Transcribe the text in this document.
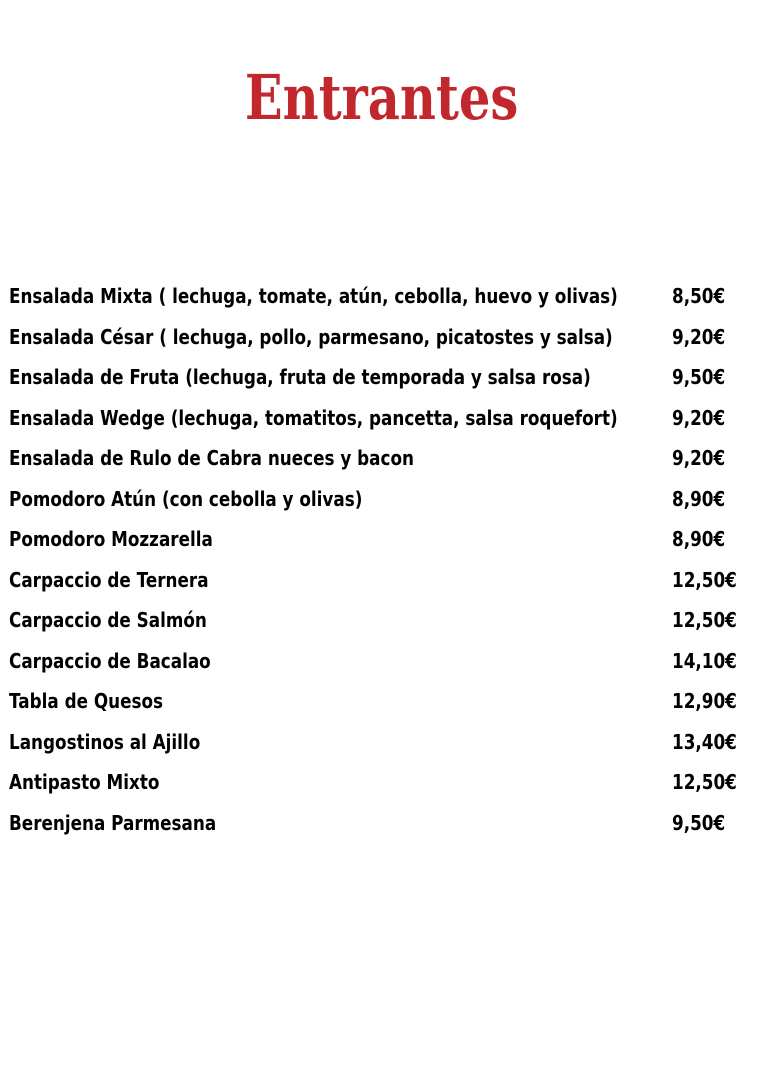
Entrantes
Ensalada Mixta ( lechuga, tomate, atún, cebolla, huevo y olivas)	8,50€
Ensalada César ( lechuga, pollo, parmesano, picatostes y salsa)	9,20€
Ensalada de Fruta (lechuga, fruta de temporada y salsa rosa)	9,50€
Ensalada Wedge (lechuga, tomatitos, pancetta, salsa roquefort)	9,20€
Ensalada de Rulo de Cabra nueces y bacon	9,20€
Pomodoro Atún (con cebolla y olivas)	8,90€
Pomodoro Mozzarella	8,90€
Carpaccio de Ternera	12,50€
Carpaccio de Salmón	12,50€
Carpaccio de Bacalao	14,10€
Tabla de Quesos	12,90€
Langostinos al Ajillo	13,40€
Antipasto Mixto	12,50€
Berenjena Parmesana	9,50€
